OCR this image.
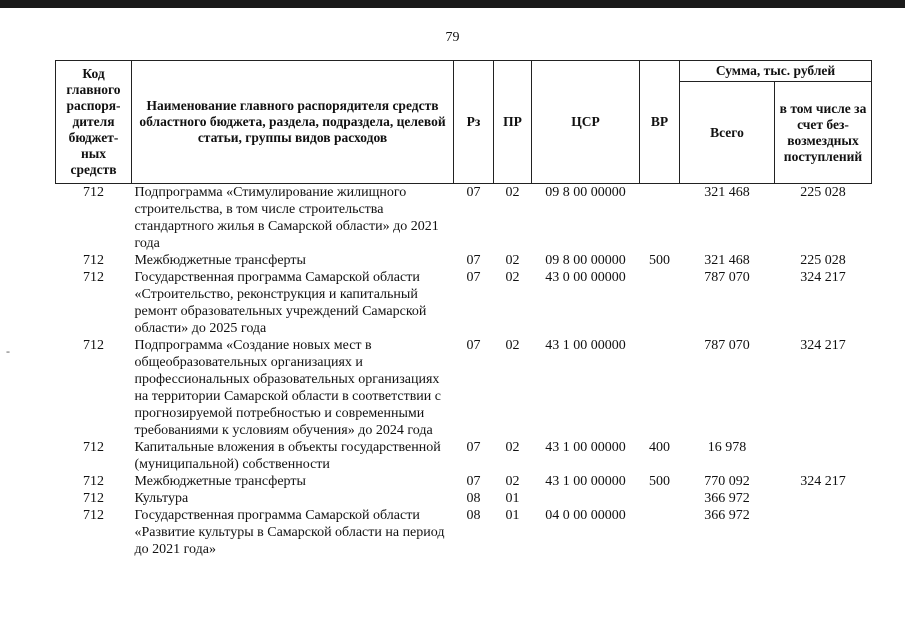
79
-
Код главного распоря-дителя бюджет-ных средств	Наименование главного распорядителя средств областного бюджета, раздела, подраздела, целевой статьи, группы видов расходов	Рз	ПР	ЦСР	ВР	Сумма, тыс. рублей	
						Всего	в том числе за счет без-возмездных поступлений
712	Подпрограмма «Стимулирование жилищного строительства, в том числе строительства стандартного жилья в Самарской области» до 2021 года	07	02	09 8 00 00000		321 468	225 028
712	Межбюджетные трансферты	07	02	09 8 00 00000	500	321 468	225 028
712	Государственная программа Самарской области «Строительство, реконструкция и капитальный ремонт образовательных учреждений Самарской области» до 2025 года	07	02	43 0 00 00000		787 070	324 217
712	Подпрограмма «Создание новых мест в общеобразовательных организациях и профессиональных образовательных организациях на территории Самарской области в соответствии с прогнозируемой потребностью и современными требованиями к условиям обучения» до 2024 года	07	02	43 1 00 00000		787 070	324 217
712	Капитальные вложения в объекты государственной (муниципальной) собственности	07	02	43 1 00 00000	400	16 978	
712	Межбюджетные трансферты	07	02	43 1 00 00000	500	770 092	324 217
712	Культура	08	01			366 972	
712	Государственная программа Самарской области «Развитие культуры в Самарской области на период до 2021 года»	08	01	04 0 00 00000		366 972	
